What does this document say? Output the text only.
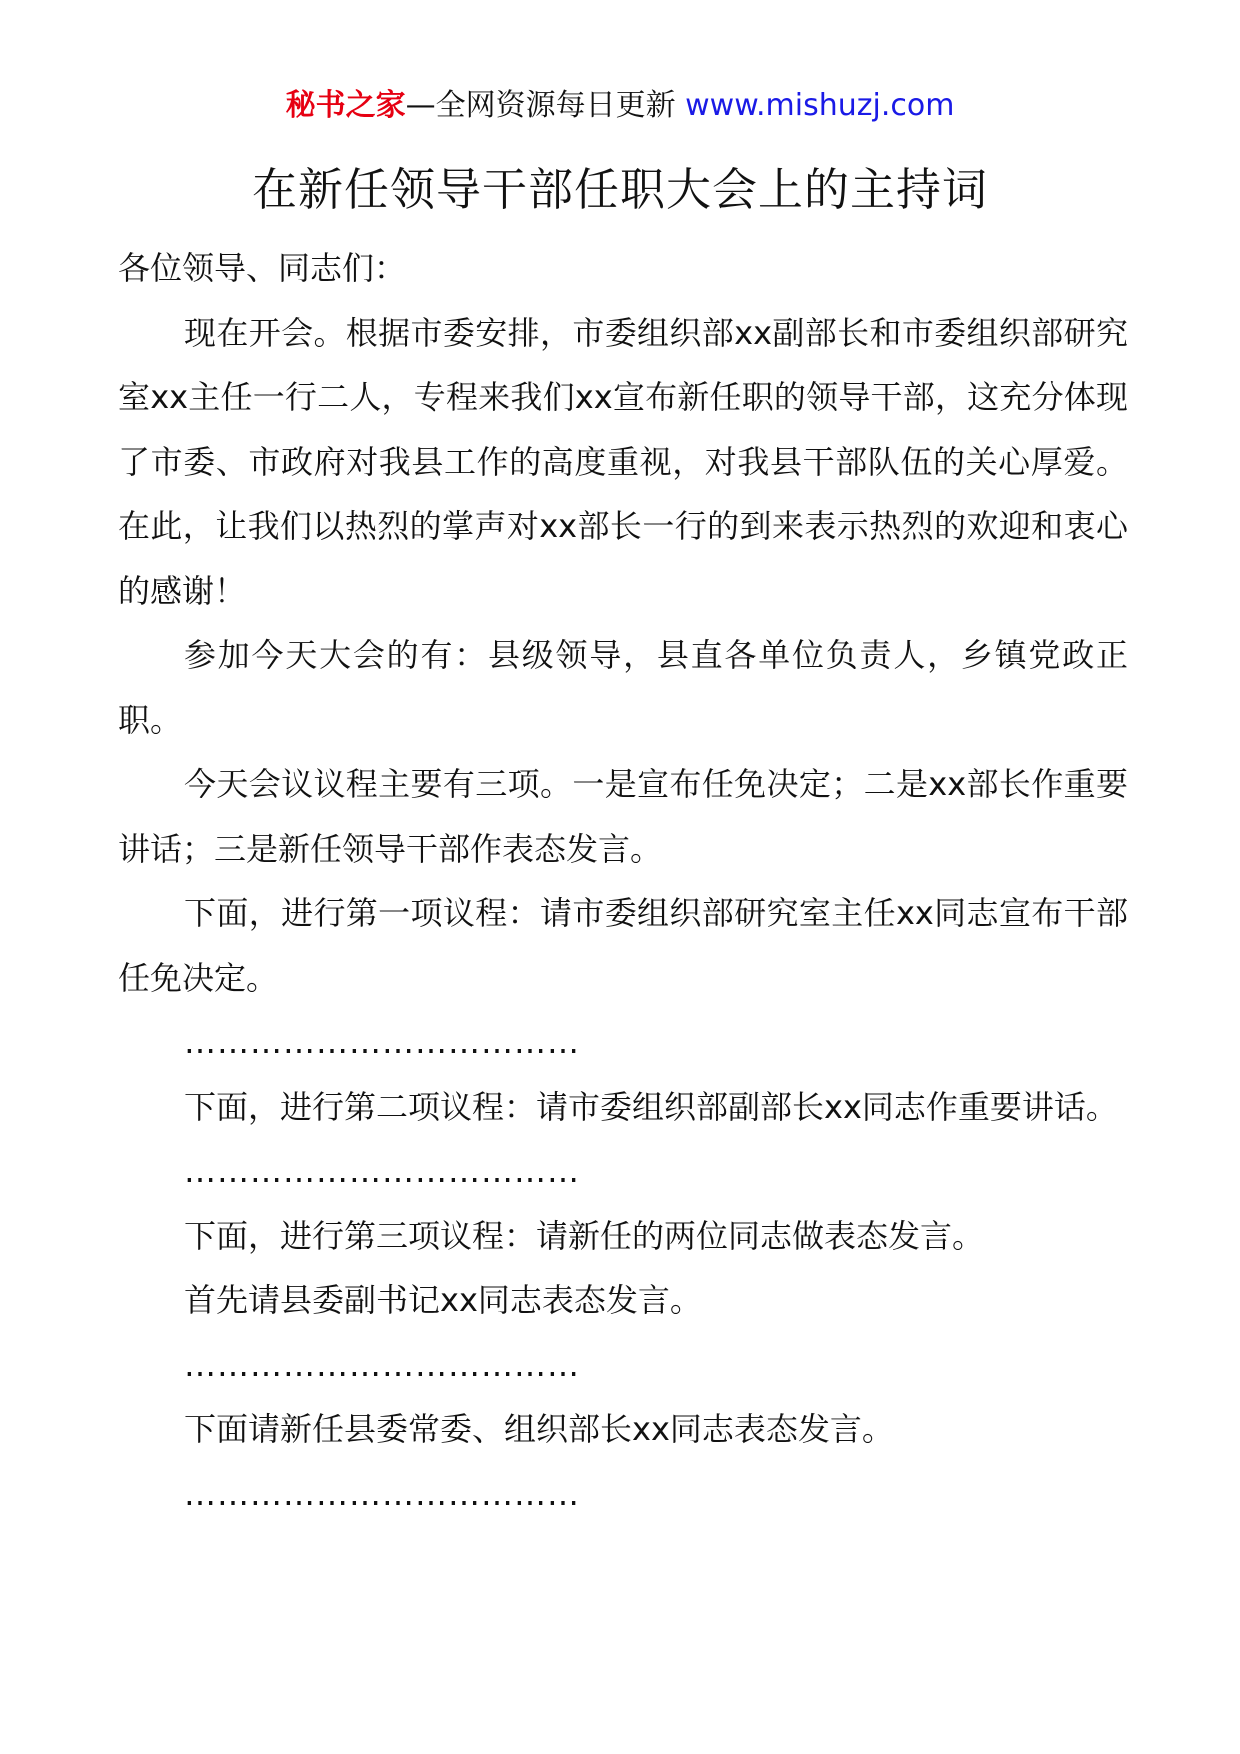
秘书之家—全网资源每日更新 www.mishuzj.com
在新任领导干部任职大会上的主持词

各位领导、同志们：

现在开会。根据市委安排，市委组织部xx副部长和市委组织部研究室xx主任一行二人，专程来我们xx宣布新任职的领导干部，这充分体现了市委、市政府对我县工作的高度重视，对我县干部队伍的关心厚爱。在此，让我们以热烈的掌声对xx部长一行的到来表示热烈的欢迎和衷心的感谢！

参加今天大会的有：县级领导，县直各单位负责人，乡镇党政正职。

今天会议议程主要有三项。一是宣布任免决定；二是xx部长作重要讲话；三是新任领导干部作表态发言。

下面，进行第一项议程：请市委组织部研究室主任xx同志宣布干部任免决定。

………………………………

下面，进行第二项议程：请市委组织部副部长xx同志作重要讲话。

………………………………

下面，进行第三项议程：请新任的两位同志做表态发言。

首先请县委副书记xx同志表态发言。

………………………………

下面请新任县委常委、组织部长xx同志表态发言。

………………………………
